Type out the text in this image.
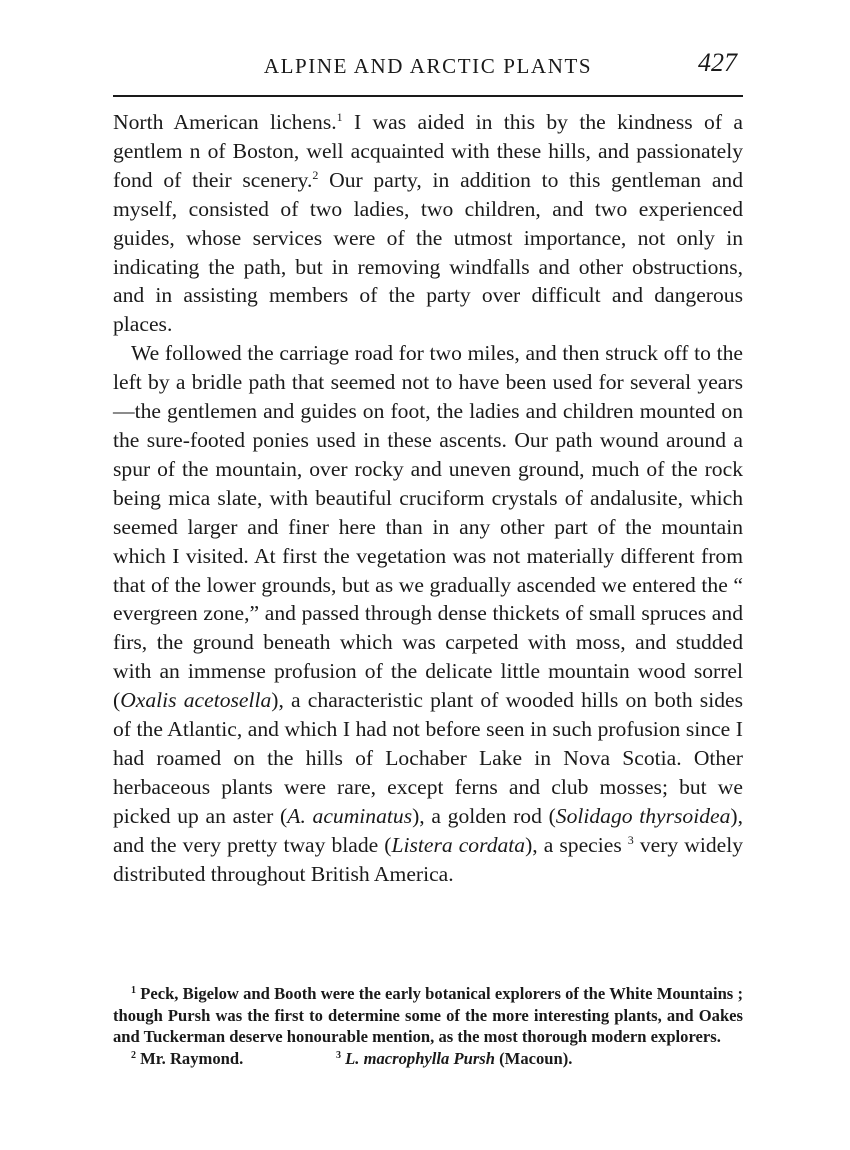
ALPINE AND ARCTIC PLANTS	427

North American lichens.$^1$ I was aided in this by the kindness of a gentlem n of Boston, well acquainted with these hills, and passionately fond of their scenery.$^2$ Our party, in addition to this gentleman and myself, consisted of two ladies, two children, and two experienced guides, whose services were of the utmost importance, not only in indicating the path, but in removing windfalls and other obstructions, and in assisting members of the party over difficult and dangerous places.

We followed the carriage road for two miles, and then struck off to the left by a bridle path that seemed not to have been used for several years—the gentlemen and guides on foot, the ladies and children mounted on the sure-footed ponies used in these ascents. Our path wound around a spur of the mountain, over rocky and uneven ground, much of the rock being mica slate, with beautiful cruciform crystals of andalusite, which seemed larger and finer here than in any other part of the mountain which I visited. At first the vegetation was not materially different from that of the lower grounds, but as we gradually ascended we entered the “ evergreen zone,” and passed through dense thickets of small spruces and firs, the ground beneath which was carpeted with moss, and studded with an immense profusion of the delicate little mountain wood sorrel (Oxalis acetosella), a characteristic plant of wooded hills on both sides of the Atlantic, and which I had not before seen in such profusion since I had roamed on the hills of Lochaber Lake in Nova Scotia. Other herbaceous plants were rare, except ferns and club mosses; but we picked up an aster (A. acuminatus), a golden rod (Solidago thyrsoidea), and the very pretty tway blade (Listera cordata), a species $^3$ very widely distributed throughout British America.

$^1$ Peck, Bigelow and Booth were the early botanical explorers of the White Mountains ; though Pursh was the first to determine some of the more interesting plants, and Oakes and Tuckerman deserve honourable mention, as the most thorough modern explorers.

$^2$ Mr. Raymond.	$^3$ L. macrophylla Pursh (Macoun).
